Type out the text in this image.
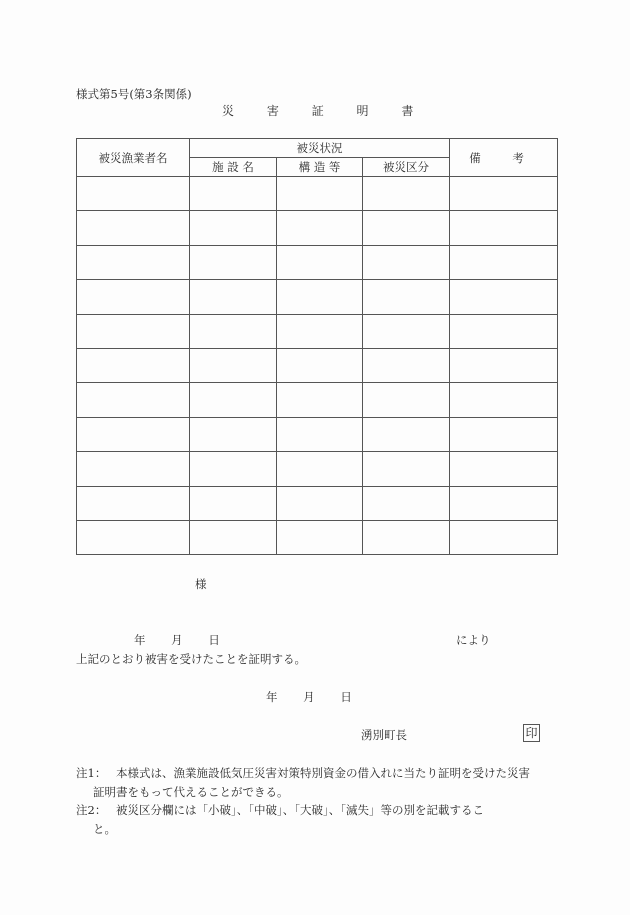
様式第5号(第3条関係)
災	害	証	明	書
被災漁業者名	被災状況			備 考
	施 設 名	構 造 等	被災区分	

様
年 月 日	により
上記のとおり被害を受けたことを証明する。
年 月 日
湧別町長	印
注1： 本様式は、漁業施設低気圧災害対策特別資金の借入れに当たり証明を受けた災害
証明書をもって代えることができる。
注2： 被災区分欄には「小破」、「中破」、「大破」、「滅失」等の別を記載するこ
と。
